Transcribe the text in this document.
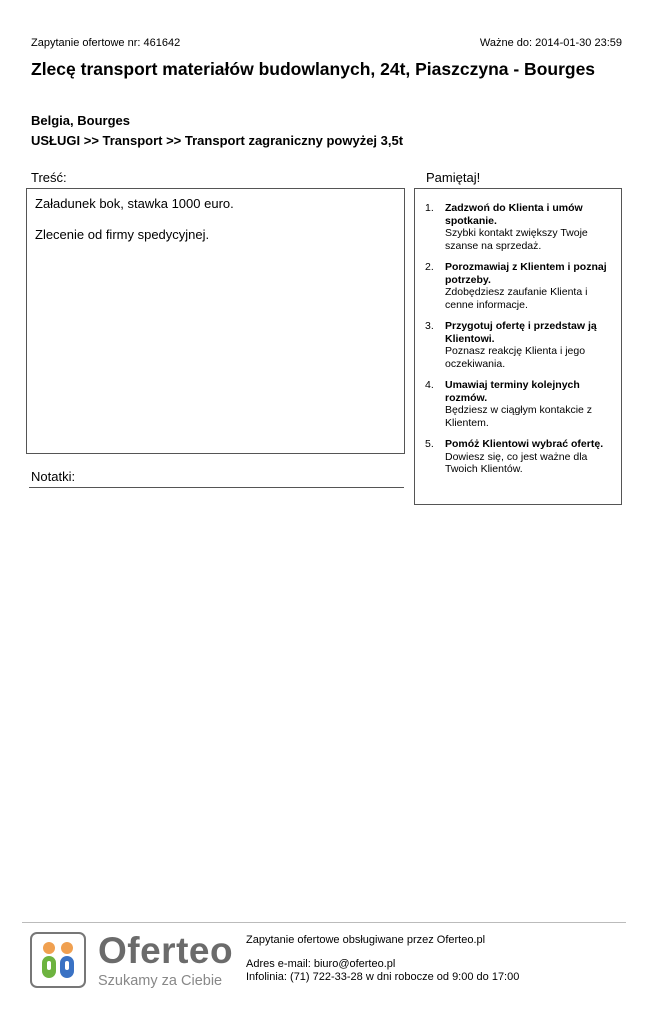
Zapytanie ofertowe nr: 461642	Ważne do: 2014-01-30 23:59
Zlecę transport materiałów budowlanych, 24t, Piaszczyna - Bourges
Belgia, Bourges
USŁUGI >> Transport >> Transport zagraniczny powyżej 3,5t
Treść:

Załadunek bok, stawka 1000 euro.

Zlecenie od firmy spedycyjnej.

Notatki:
Pamiętaj!
1.	Zadzwoń do Klienta i umów spotkanie.
Szybki kontakt zwiększy Twoje szanse na sprzedaż.
2.	Porozmawiaj z Klientem i poznaj potrzeby.
Zdobędziesz zaufanie Klienta i cenne informacje.
3.	Przygotuj ofertę i przedstaw ją Klientowi.
Poznasz reakcję Klienta i jego oczekiwania.
4.	Umawiaj terminy kolejnych rozmów.
Będziesz w ciągłym kontakcie z Klientem.
5.	Pomóż Klientowi wybrać ofertę.
Dowiesz się, co jest ważne dla Twoich Klientów.
Oferteo
Szukamy za Ciebie
Zapytanie ofertowe obsługiwane przez Oferteo.pl
Adres e-mail: biuro@oferteo.pl
Infolinia: (71) 722-33-28 w dni robocze od 9:00 do 17:00
